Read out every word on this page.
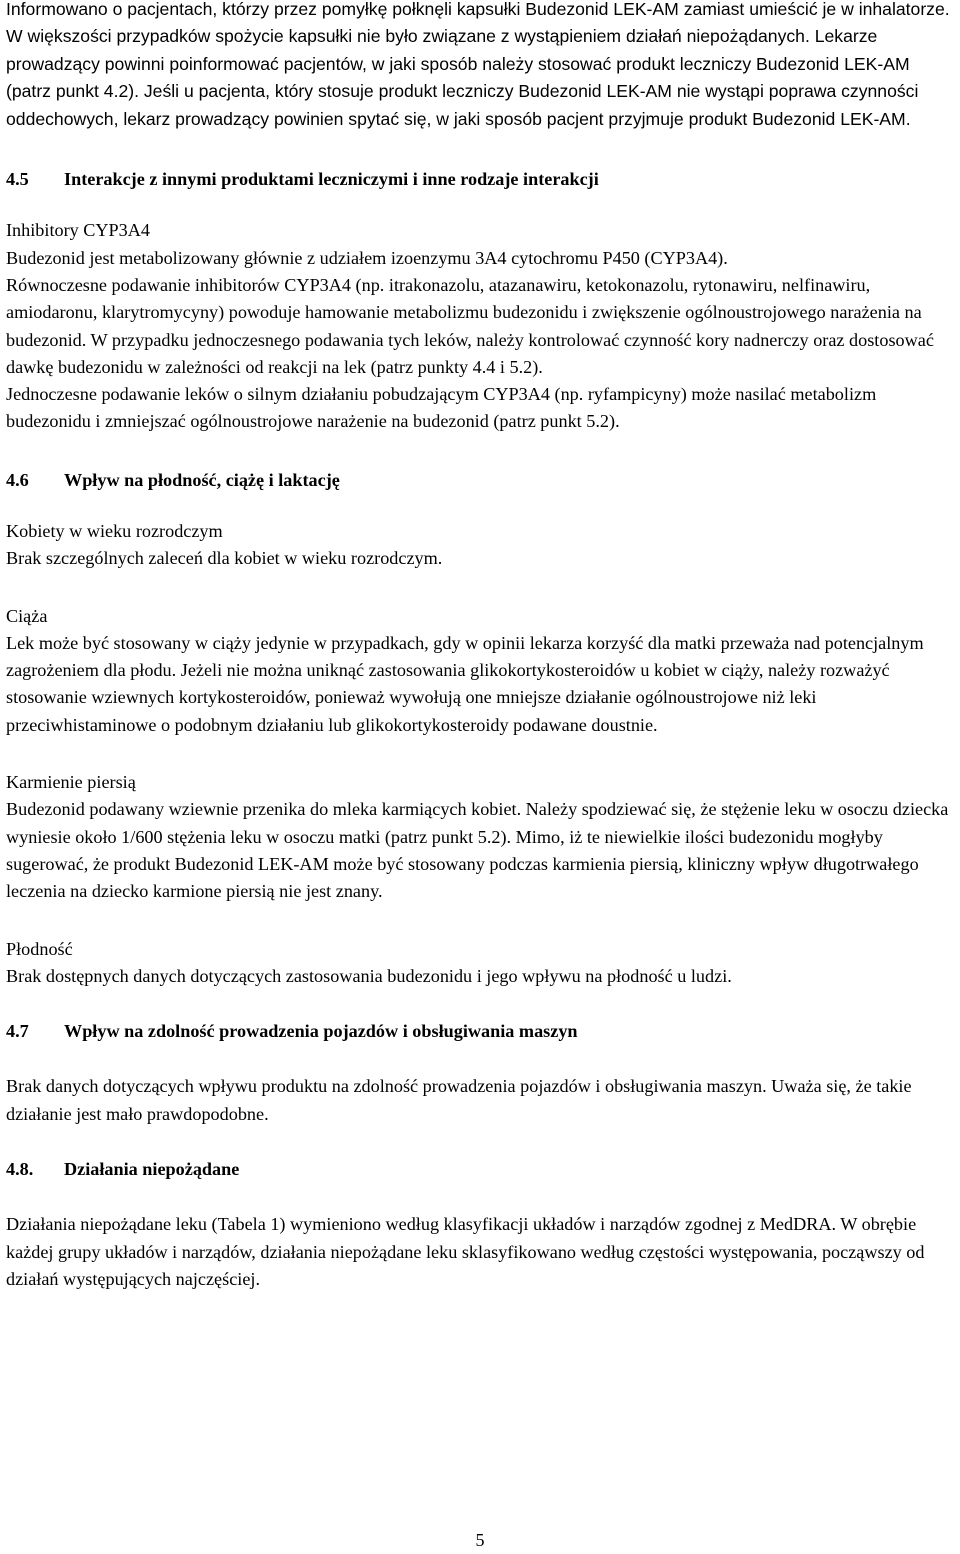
Informowano o pacjentach, którzy przez pomyłkę połknęli kapsułki Budezonid LEK-AM zamiast umieścić je w inhalatorze. W większości przypadków spożycie kapsułki nie było związane z wystąpieniem działań niepożądanych. Lekarze prowadzący powinni poinformować pacjentów, w jaki sposób należy stosować produkt leczniczy Budezonid LEK-AM (patrz punkt 4.2). Jeśli u pacjenta, który stosuje produkt leczniczy Budezonid LEK-AM nie wystąpi poprawa czynności oddechowych, lekarz prowadzący powinien spytać się, w jaki sposób pacjent przyjmuje produkt Budezonid LEK-AM.

4.5	Interakcje z innymi produktami leczniczymi i inne rodzaje interakcji

Inhibitory CYP3A4

Budezonid jest metabolizowany głównie z udziałem izoenzymu 3A4 cytochromu P450 (CYP3A4).

Równoczesne podawanie inhibitorów CYP3A4 (np. itrakonazolu, atazanawiru, ketokonazolu, rytonawiru, nelfinawiru, amiodaronu, klarytromycyny) powoduje hamowanie metabolizmu budezonidu i zwiększenie ogólnoustrojowego narażenia na budezonid. W przypadku jednoczesnego podawania tych leków, należy kontrolować czynność kory nadnerczy oraz dostosować dawkę budezonidu w zależności od reakcji na lek (patrz punkty 4.4 i 5.2).

Jednoczesne podawanie leków o silnym działaniu pobudzającym CYP3A4 (np. ryfampicyny) może nasilać metabolizm budezonidu i zmniejszać ogólnoustrojowe narażenie na budezonid (patrz punkt 5.2).

4.6	Wpływ na płodność, ciążę i laktację

Kobiety w wieku rozrodczym

Brak szczególnych zaleceń dla kobiet w wieku rozrodczym.

Ciąża

Lek może być stosowany w ciąży jedynie w przypadkach, gdy w opinii lekarza korzyść dla matki przeważa nad potencjalnym zagrożeniem dla płodu. Jeżeli nie można uniknąć zastosowania glikokortykosteroidów u kobiet w ciąży, należy rozważyć stosowanie wziewnych kortykosteroidów, ponieważ wywołują one mniejsze działanie ogólnoustrojowe niż leki przeciwhistaminowe o podobnym działaniu lub glikokortykosteroidy podawane doustnie.

Karmienie piersią

Budezonid podawany wziewnie przenika do mleka karmiących kobiet. Należy spodziewać się, że stężenie leku w osoczu dziecka wyniesie około 1/600 stężenia leku w osoczu matki (patrz punkt 5.2). Mimo, iż te niewielkie ilości budezonidu mogłyby sugerować, że produkt Budezonid LEK-AM może być stosowany podczas karmienia piersią, kliniczny wpływ długotrwałego leczenia na dziecko karmione piersią nie jest znany.

Płodność

Brak dostępnych danych dotyczących zastosowania budezonidu i jego wpływu na płodność u ludzi.

4.7	Wpływ na zdolność prowadzenia pojazdów i obsługiwania maszyn

Brak danych dotyczących wpływu produktu na zdolność prowadzenia pojazdów i obsługiwania maszyn. Uważa się, że takie działanie jest mało prawdopodobne.

4.8.	Działania niepożądane

Działania niepożądane leku (Tabela 1) wymieniono według klasyfikacji układów i narządów zgodnej z MedDRA. W obrębie każdej grupy układów i narządów, działania niepożądane leku sklasyfikowano według częstości występowania, począwszy od działań występujących najczęściej.

5
